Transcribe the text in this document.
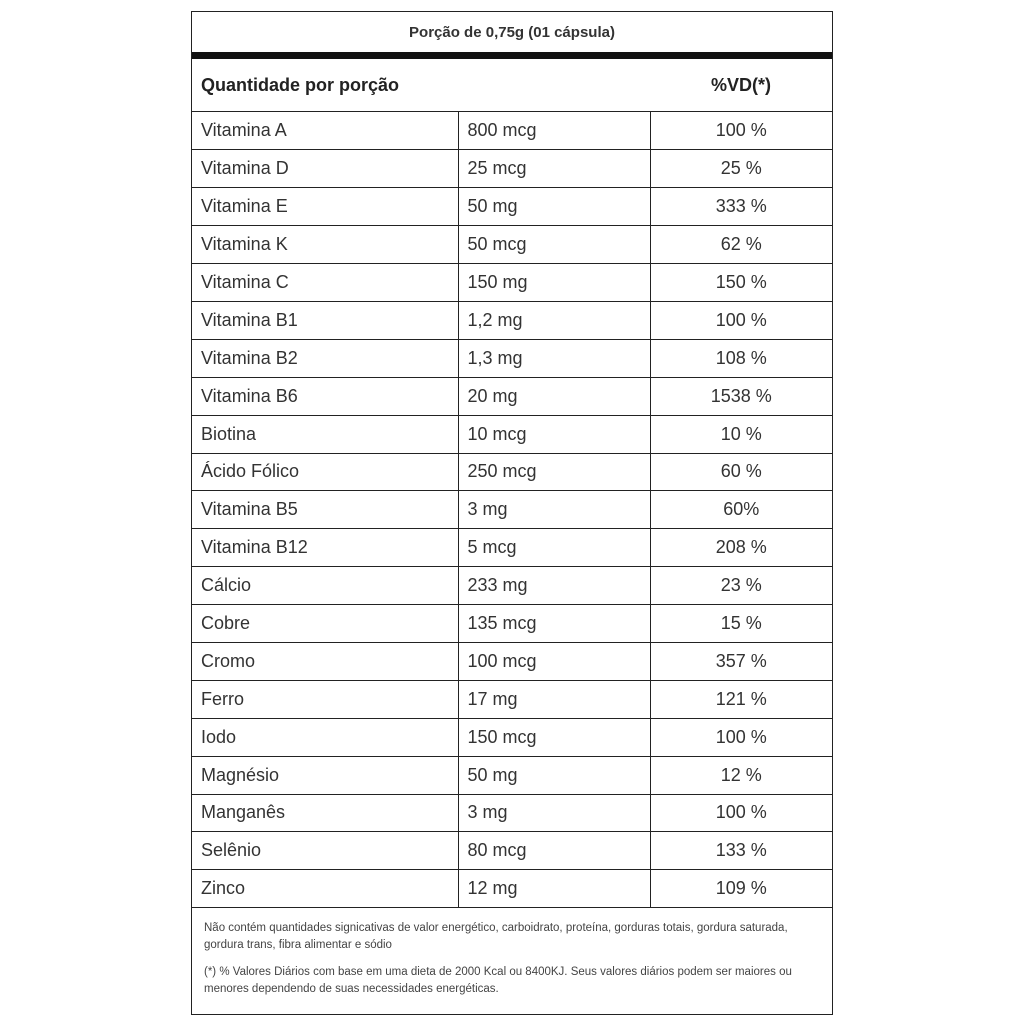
Porção de 0,75g (01 cápsula)
Quantidade por porção	%VD(*)
Vitamina A	800 mcg	100 %
Vitamina D	25 mcg	25 %
Vitamina E	50 mg	333 %
Vitamina K	50 mcg	62 %
Vitamina C	150 mg	150 %
Vitamina B1	1,2 mg	100 %
Vitamina B2	1,3 mg	108 %
Vitamina B6	20 mg	1538 %
Biotina	10 mcg	10 %
Ácido Fólico	250 mcg	60 %
Vitamina B5	3 mg	60%
Vitamina B12	5 mcg	208 %
Cálcio	233 mg	23 %
Cobre	135 mcg	15 %
Cromo	100 mcg	357 %
Ferro	17 mg	121 %
Iodo	150 mcg	100 %
Magnésio	50 mg	12 %
Manganês	3 mg	100 %
Selênio	80 mcg	133 %
Zinco	12 mg	109 %

Não contém quantidades signicativas de valor energético, carboidrato, proteína, gorduras totais, gordura saturada, gordura trans, fibra alimentar e sódio

(*) % Valores Diários com base em uma dieta de 2000 Kcal ou 8400KJ. Seus valores diários podem ser maiores ou menores dependendo de suas necessidades energéticas.
